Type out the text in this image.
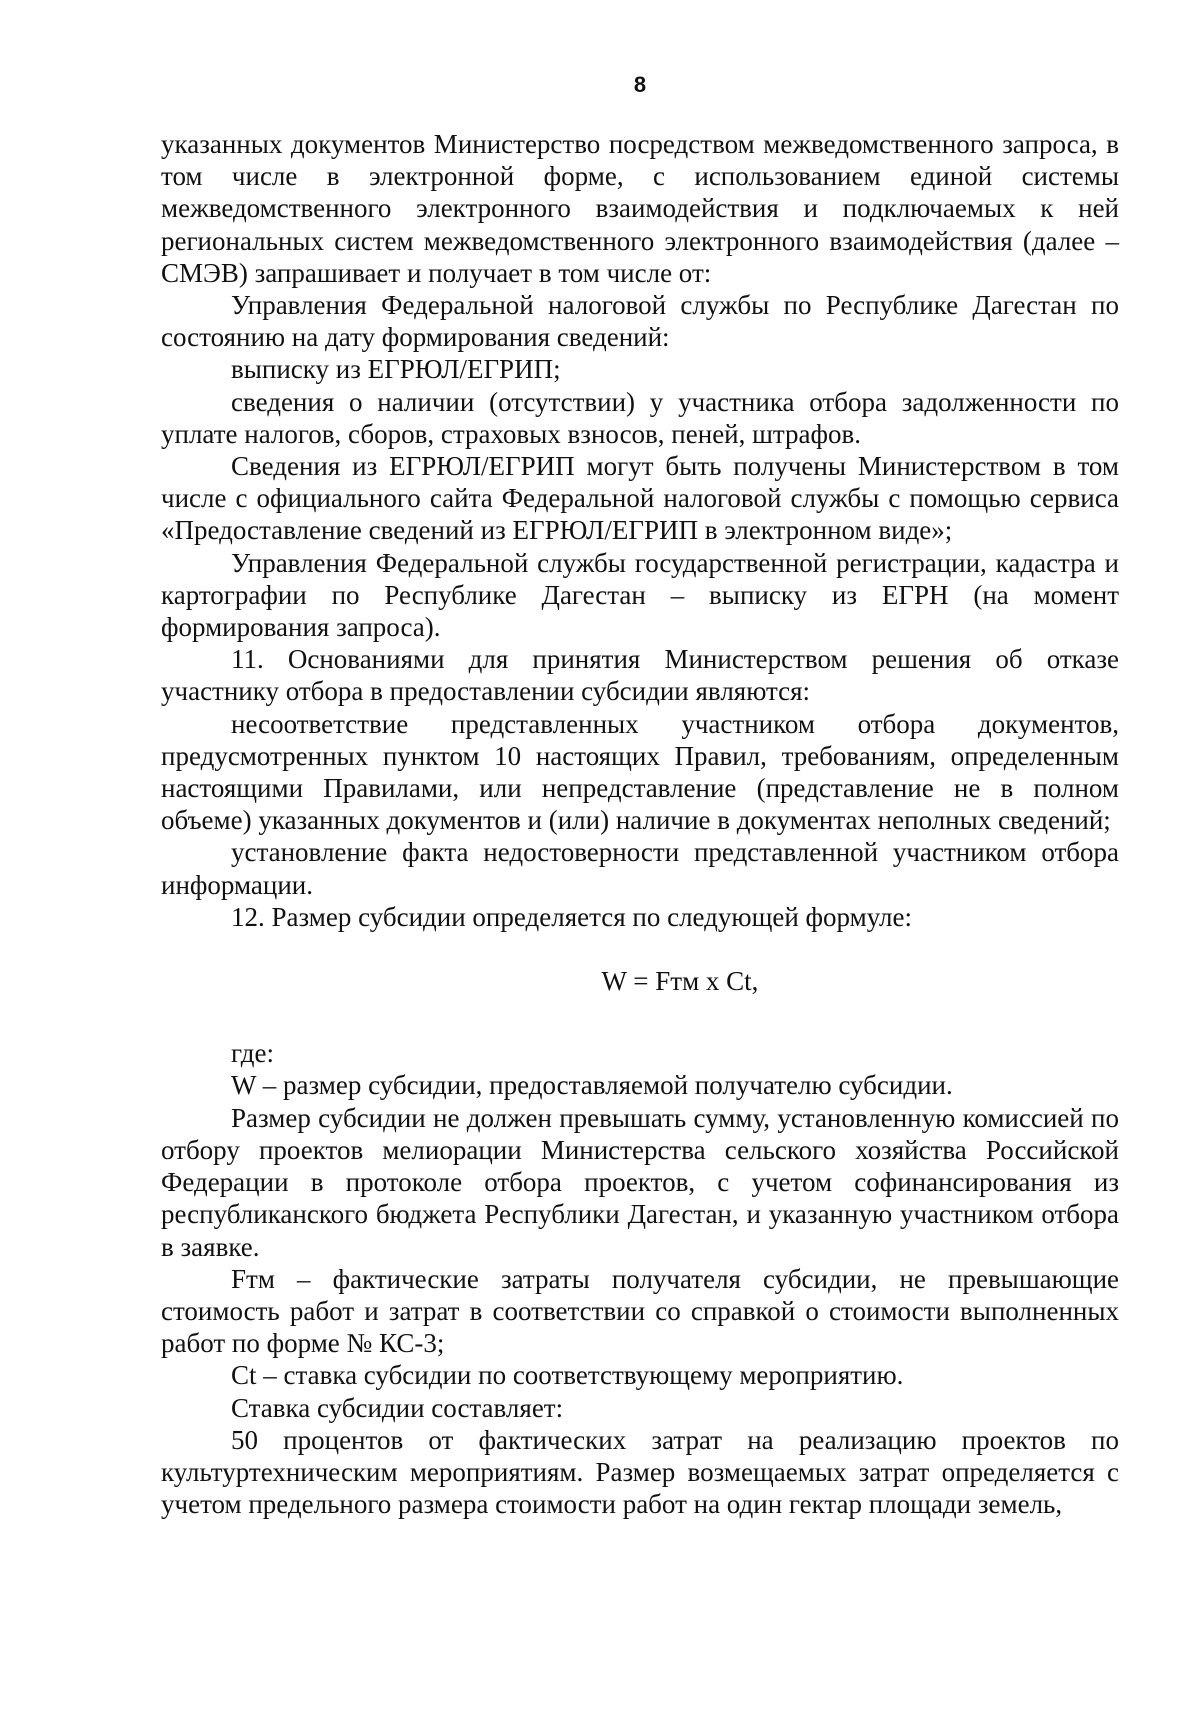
8

указанных документов Министерство посредством межведомственного запроса, в том числе в электронной форме, с использованием единой системы межведомственного электронного взаимодействия и подключаемых к ней региональных систем межведомственного электронного взаимодействия (далее – СМЭВ) запрашивает и получает в том числе от:

Управления Федеральной налоговой службы по Республике Дагестан по состоянию на дату формирования сведений:

выписку из ЕГРЮЛ/ЕГРИП;

сведения о наличии (отсутствии) у участника отбора задолженности по уплате налогов, сборов, страховых взносов, пеней, штрафов.

Сведения из ЕГРЮЛ/ЕГРИП могут быть получены Министерством в том числе с официального сайта Федеральной налоговой службы с помощью сервиса «Предоставление сведений из ЕГРЮЛ/ЕГРИП в электронном виде»;

Управления Федеральной службы государственной регистрации, кадастра и картографии по Республике Дагестан – выписку из ЕГРН (на момент формирования запроса).

11. Основаниями для принятия Министерством решения об отказе участнику отбора в предоставлении субсидии являются:

несоответствие представленных участником отбора документов, предусмотренных пунктом 10 настоящих Правил, требованиям, определенным настоящими Правилами, или непредставление (представление не в полном объеме) указанных документов и (или) наличие в документах неполных сведений;

установление факта недостоверности представленной участником отбора информации.

12. Размер субсидии определяется по следующей формуле:

W = Fтм x Ct,

где:

W – размер субсидии, предоставляемой получателю субсидии.

Размер субсидии не должен превышать сумму, установленную комиссией по отбору проектов мелиорации Министерства сельского хозяйства Российской Федерации в протоколе отбора проектов, с учетом софинансирования из республиканского бюджета Республики Дагестан, и указанную участником отбора в заявке.

Fтм – фактические затраты получателя субсидии, не превышающие стоимость работ и затрат в соответствии со справкой о стоимости выполненных работ по форме № КС-3;

Ct – ставка субсидии по соответствующему мероприятию.

Ставка субсидии составляет:

50 процентов от фактических затрат на реализацию проектов по культуртехническим мероприятиям. Размер возмещаемых затрат определяется с учетом предельного размера стоимости работ на один гектар площади земель,
